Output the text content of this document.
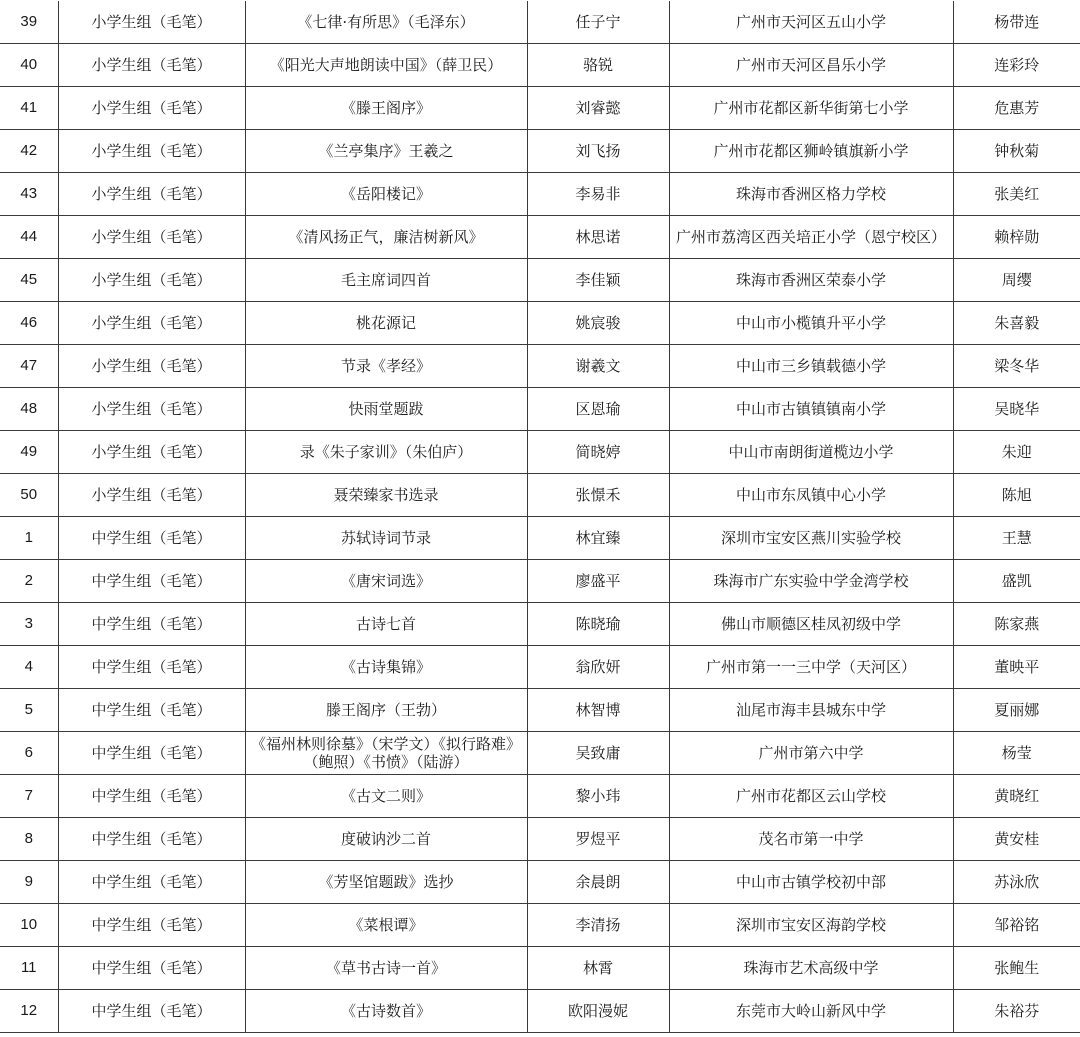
39	小学生组（毛笔）	《七律·有所思》（毛泽东）	任子宁	广州市天河区五山小学	杨带连
40	小学生组（毛笔）	《阳光大声地朗读中国》（薛卫民）	骆锐	广州市天河区昌乐小学	连彩玲
41	小学生组（毛笔）	《滕王阁序》	刘睿懿	广州市花都区新华街第七小学	危惠芳
42	小学生组（毛笔）	《兰亭集序》王羲之	刘飞扬	广州市花都区狮岭镇旗新小学	钟秋菊
43	小学生组（毛笔）	《岳阳楼记》	李易非	珠海市香洲区格力学校	张美红
44	小学生组（毛笔）	《清风扬正气，廉洁树新风》	林思诺	广州市荔湾区西关培正小学（恩宁校区）	赖梓勋
45	小学生组（毛笔）	毛主席词四首	李佳颖	珠海市香洲区荣泰小学	周缨
46	小学生组（毛笔）	桃花源记	姚宸骏	中山市小榄镇升平小学	朱喜毅
47	小学生组（毛笔）	节录《孝经》	谢羲文	中山市三乡镇载德小学	梁冬华
48	小学生组（毛笔）	快雨堂题跋	区恩瑜	中山市古镇镇镇南小学	吴晓华
49	小学生组（毛笔）	录《朱子家训》（朱伯庐）	简晓婷	中山市南朗街道榄边小学	朱迎
50	小学生组（毛笔）	聂荣臻家书选录	张憬禾	中山市东凤镇中心小学	陈旭
1	中学生组（毛笔）	苏轼诗词节录	林宜臻	深圳市宝安区燕川实验学校	王慧
2	中学生组（毛笔）	《唐宋词选》	廖盛平	珠海市广东实验中学金湾学校	盛凯
3	中学生组（毛笔）	古诗七首	陈晓瑜	佛山市顺德区桂凤初级中学	陈家燕
4	中学生组（毛笔）	《古诗集锦》	翁欣妍	广州市第一一三中学（天河区）	董映平
5	中学生组（毛笔）	滕王阁序（王勃）	林智博	汕尾市海丰县城东中学	夏丽娜
6	中学生组（毛笔）	《福州林则徐墓》（宋学文）《拟行路难》（鲍照）《书愤》（陆游）	吴致庸	广州市第六中学	杨莹
7	中学生组（毛笔）	《古文二则》	黎小玮	广州市花都区云山学校	黄晓红
8	中学生组（毛笔）	度破讷沙二首	罗煜平	茂名市第一中学	黄安桂
9	中学生组（毛笔）	《芳坚馆题跋》选抄	余晨朗	中山市古镇学校初中部	苏泳欣
10	中学生组（毛笔）	《菜根谭》	李清扬	深圳市宝安区海韵学校	邹裕铭
11	中学生组（毛笔）	《草书古诗一首》	林霄	珠海市艺术高级中学	张鲍生
12	中学生组（毛笔）	《古诗数首》	欧阳漫妮	东莞市大岭山新风中学	朱裕芬
